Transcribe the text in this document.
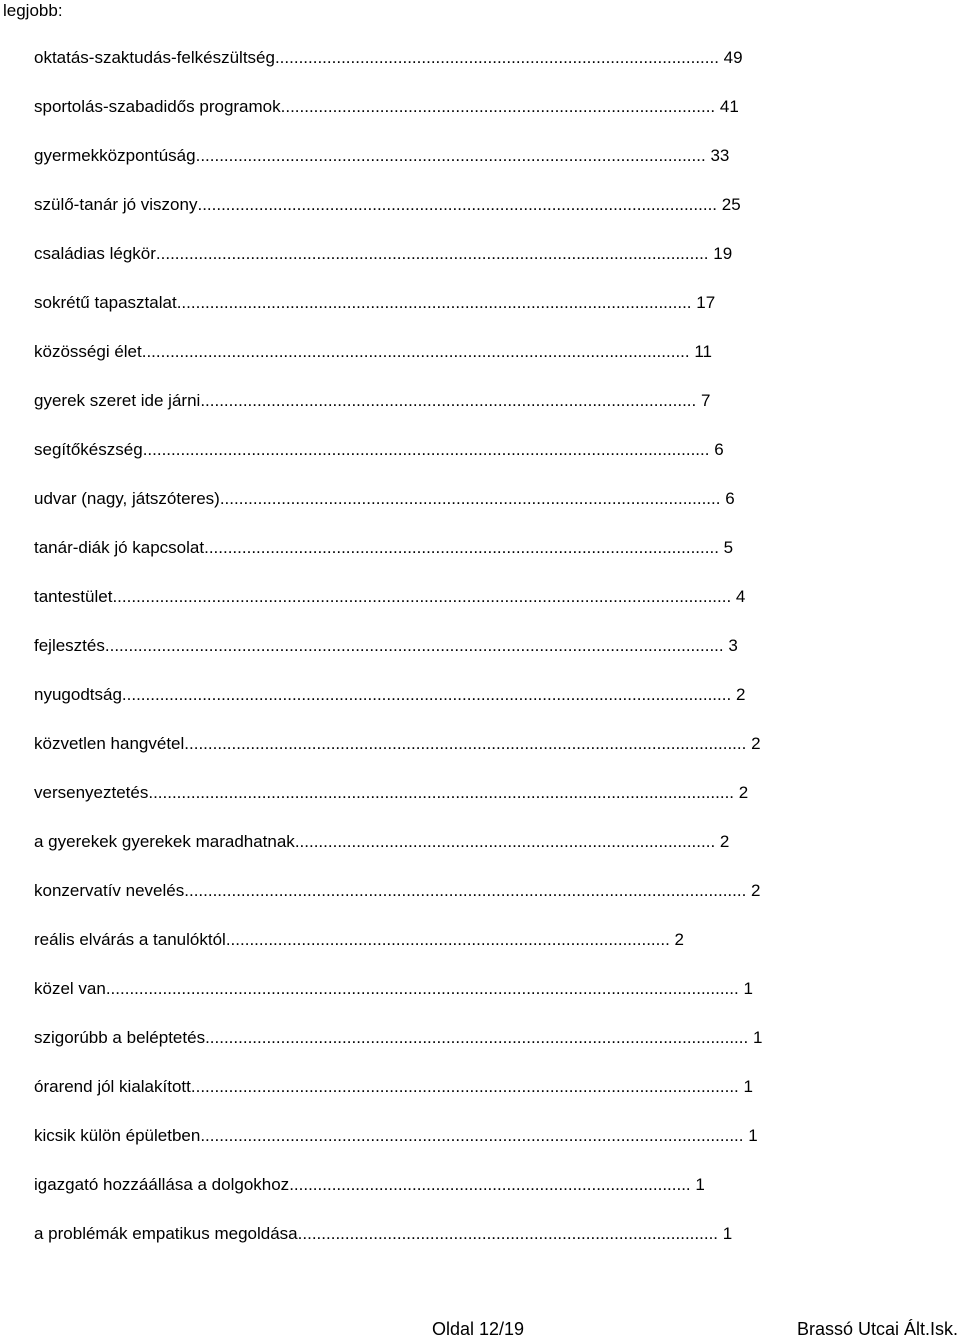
legjobb:
oktatás-szaktudás-felkészültség.............................................................................................. 49
sportolás-szabadidős programok............................................................................................ 41
gyermekközpontúság............................................................................................................ 33
szülő-tanár jó viszony.............................................................................................................. 25
családias légkör..................................................................................................................... 19
sokrétű tapasztalat............................................................................................................. 17
közösségi élet.................................................................................................................... 11
gyerek szeret ide járni......................................................................................................... 7
segítőkészség........................................................................................................................ 6
udvar (nagy, játszóteres).......................................................................................................... 6
tanár-diák jó kapcsolat............................................................................................................. 5
tantestület................................................................................................................................... 4
fejlesztés................................................................................................................................... 3
nyugodtság................................................................................................................................. 2
közvetlen hangvétel....................................................................................................................... 2
versenyeztetés............................................................................................................................ 2
a gyerekek gyerekek maradhatnak......................................................................................... 2
konzervatív nevelés....................................................................................................................... 2
reális elvárás a tanulóktól.............................................................................................. 2
közel van...................................................................................................................................... 1
szigorúbb a beléptetés................................................................................................................... 1
órarend jól kialakított.................................................................................................................... 1
kicsik külön épületben................................................................................................................... 1
igazgató hozzáállása a dolgokhoz..................................................................................... 1
a problémák empatikus megoldása......................................................................................... 1
Oldal 12/19	Brassó Utcai Ált.Isk.
